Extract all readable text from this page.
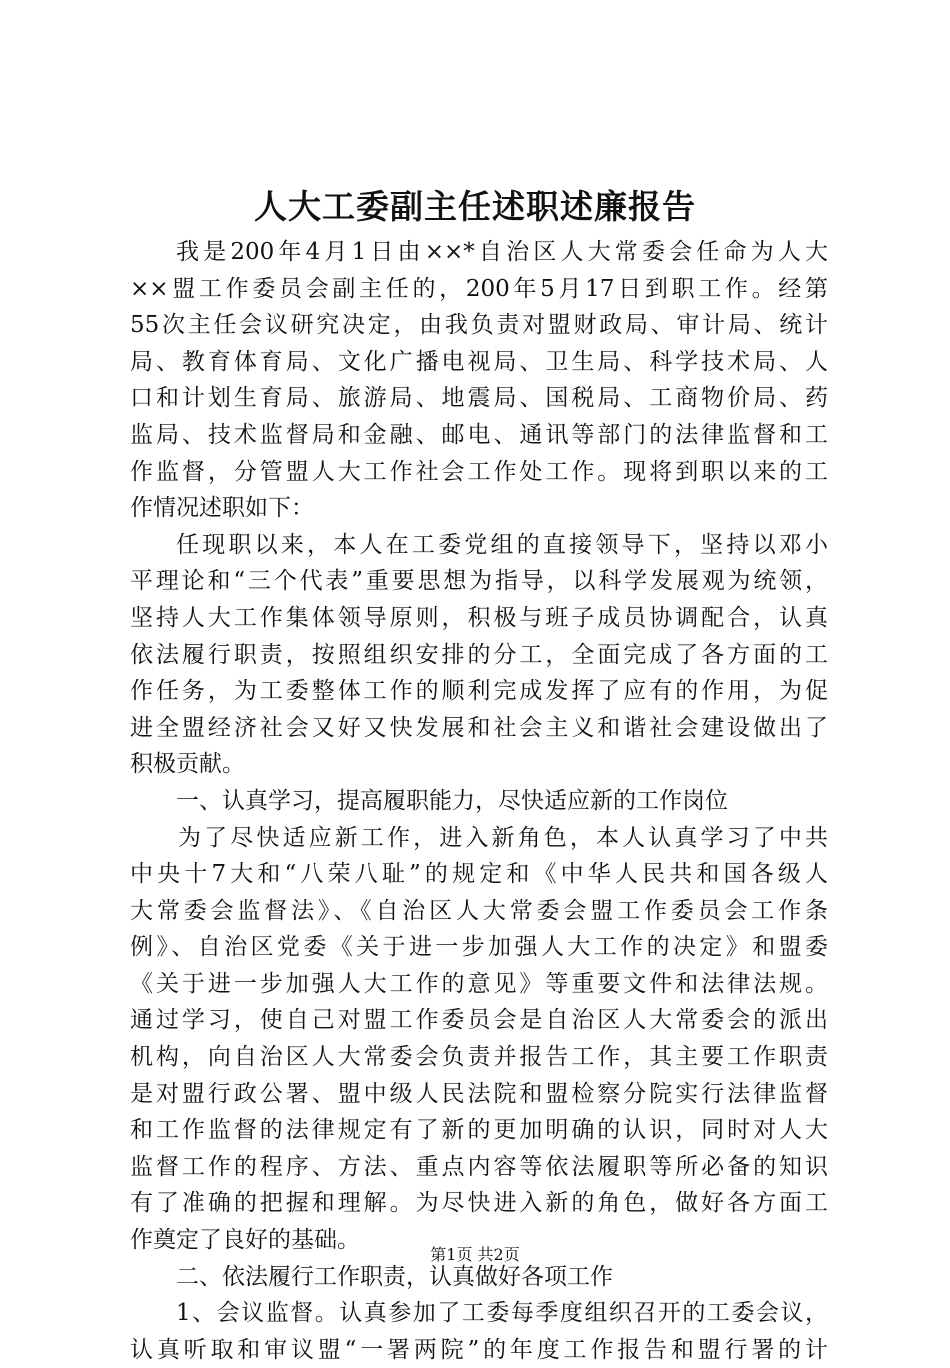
人大工委副主任述职述廉报告
我是200年4月1日由××*自治区人大常委会任命为人大
××盟工作委员会副主任的，200年5月17日到职工作。经第
55次主任会议研究决定，由我负责对盟财政局、审计局、统计
局、教育体育局、文化广播电视局、卫生局、科学技术局、人
口和计划生育局、旅游局、地震局、国税局、工商物价局、药
监局、技术监督局和金融、邮电、通讯等部门的法律监督和工
作监督，分管盟人大工作社会工作处工作。现将到职以来的工
作情况述职如下：
任现职以来，本人在工委党组的直接领导下，坚持以邓小
平理论和“三个代表”重要思想为指导，以科学发展观为统领，
坚持人大工作集体领导原则，积极与班子成员协调配合，认真
依法履行职责，按照组织安排的分工，全面完成了各方面的工
作任务，为工委整体工作的顺利完成发挥了应有的作用，为促
进全盟经济社会又好又快发展和社会主义和谐社会建设做出了
积极贡献。
一、认真学习，提高履职能力，尽快适应新的工作岗位
为了尽快适应新工作，进入新角色，本人认真学习了中共
中央十7大和“八荣八耻”的规定和《中华人民共和国各级人
大常委会监督法》、《自治区人大常委会盟工作委员会工作条
例》、自治区党委《关于进一步加强人大工作的决定》和盟委
《关于进一步加强人大工作的意见》等重要文件和法律法规。
通过学习，使自己对盟工作委员会是自治区人大常委会的派出
机构，向自治区人大常委会负责并报告工作，其主要工作职责
是对盟行政公署、盟中级人民法院和盟检察分院实行法律监督
和工作监督的法律规定有了新的更加明确的认识，同时对人大
监督工作的程序、方法、重点内容等依法履职等所必备的知识
有了准确的把握和理解。为尽快进入新的角色，做好各方面工
作奠定了良好的基础。
二、依法履行工作职责，认真做好各项工作
1、会议监督。认真参加了工委每季度组织召开的工委会议，
认真听取和审议盟“一署两院”的年度工作报告和盟行署的计
第1页 共2页
